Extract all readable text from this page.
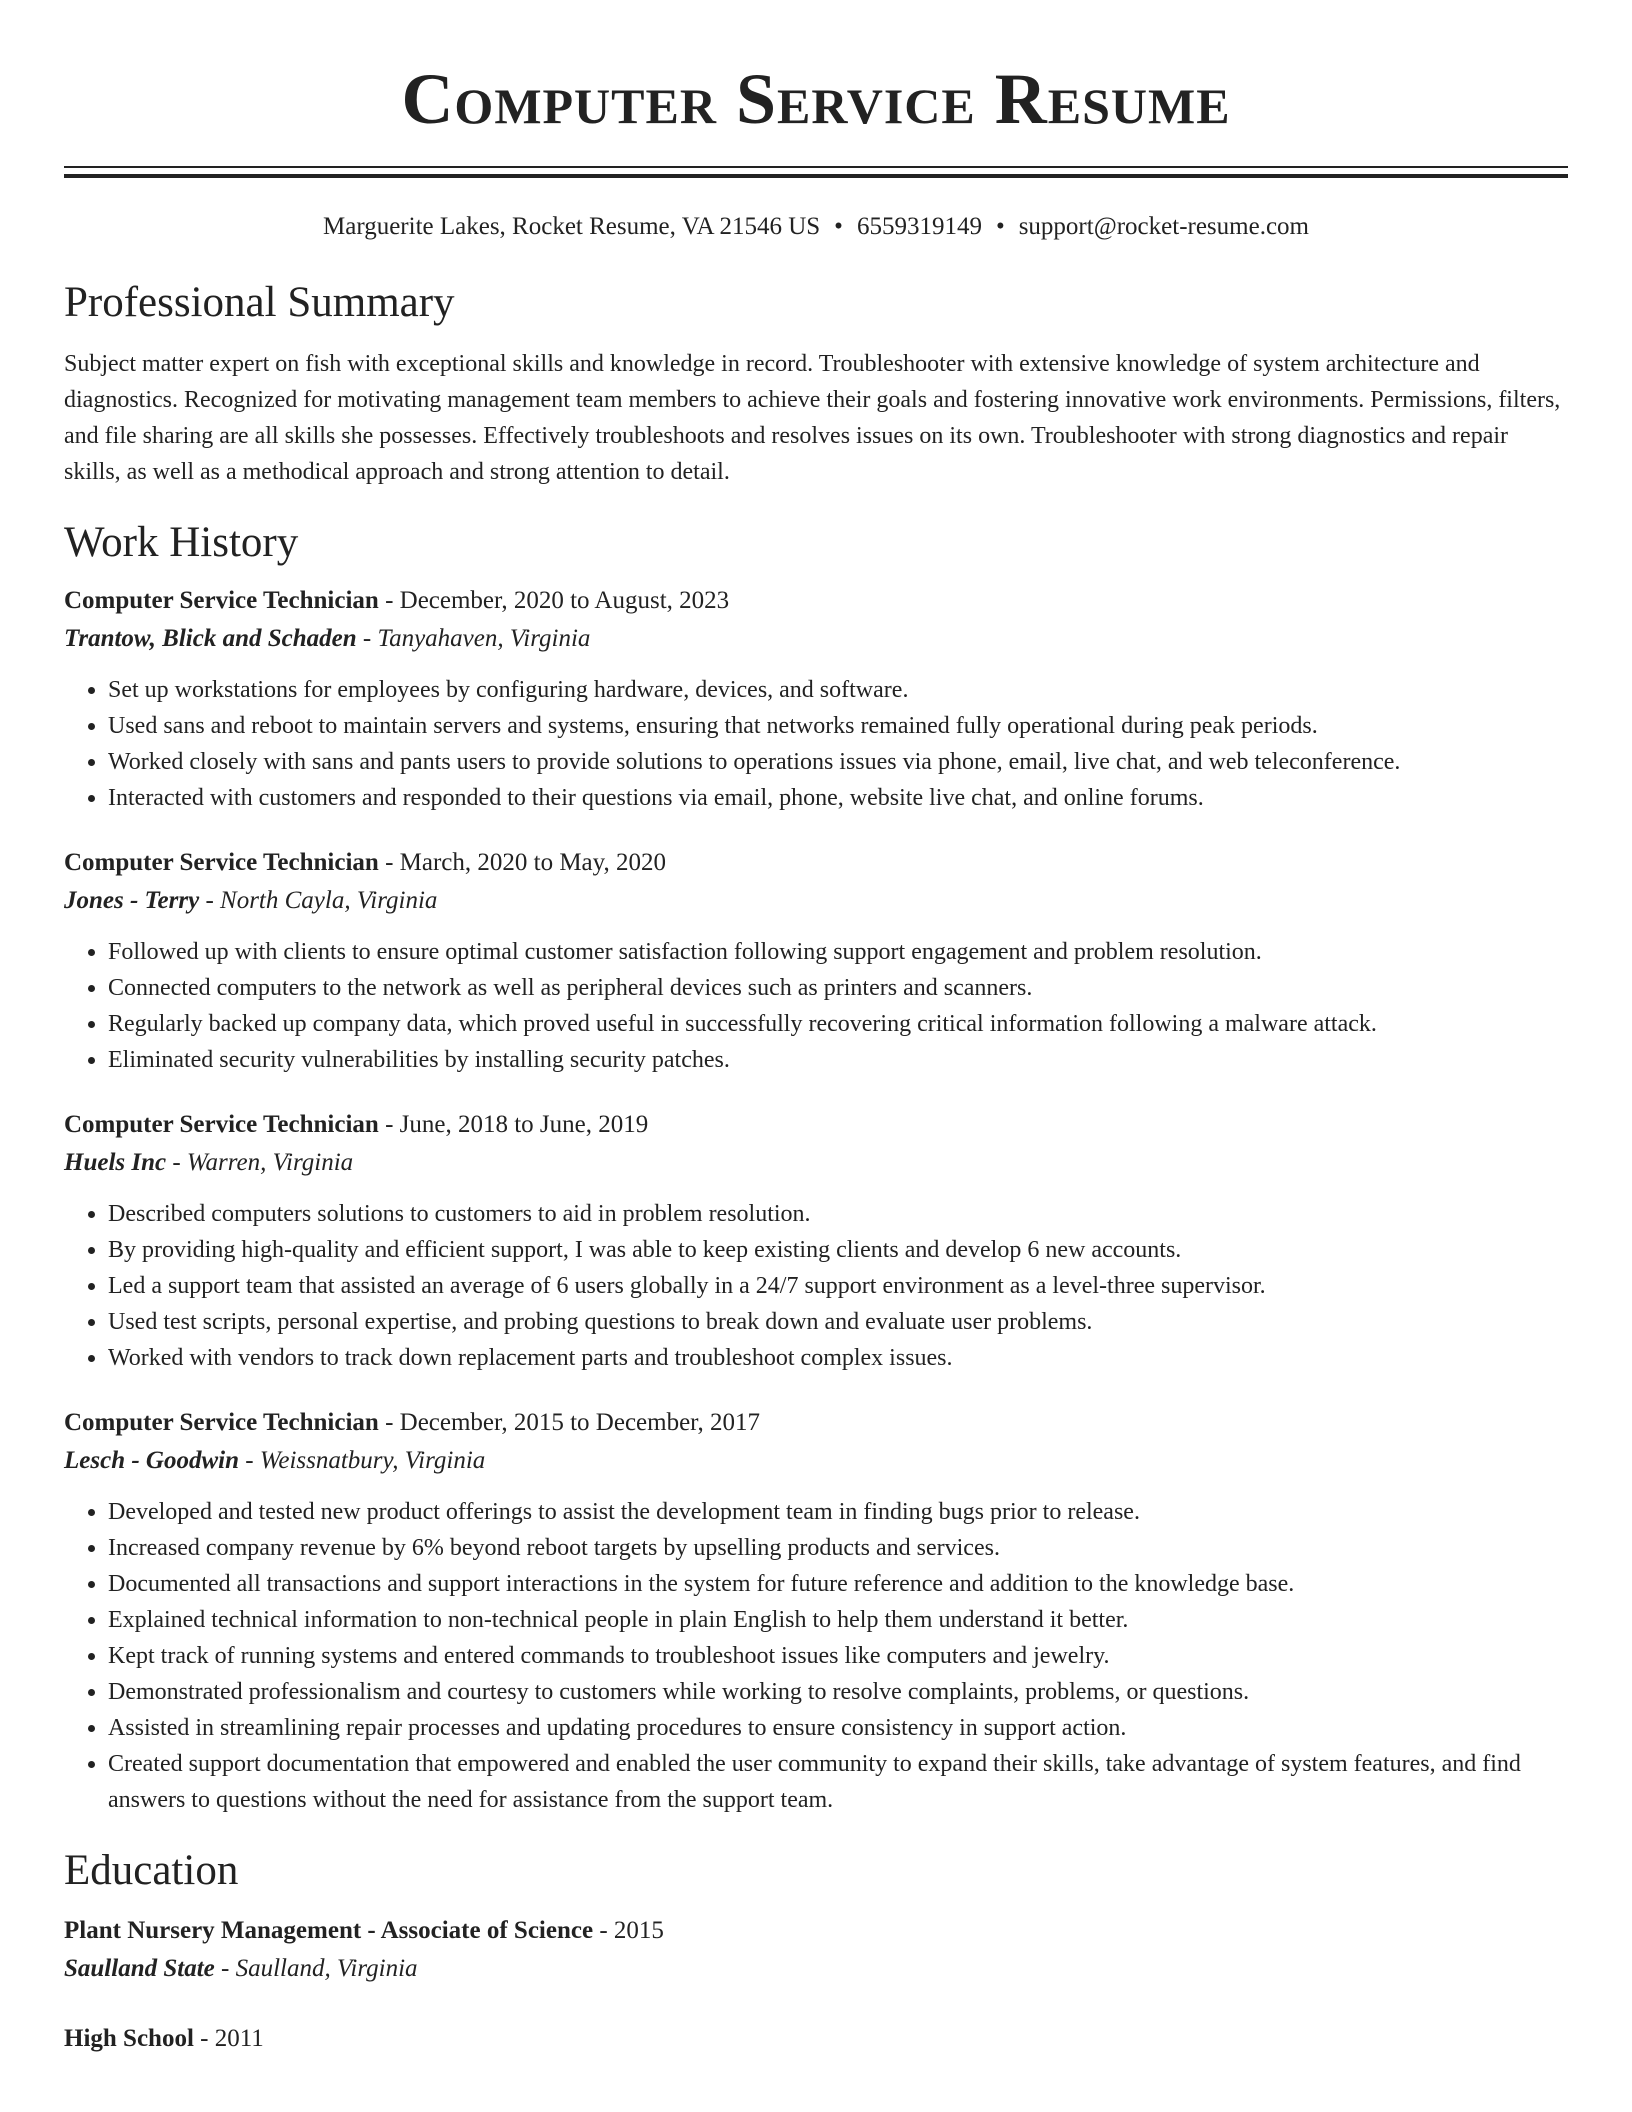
Computer Service Resume
Marguerite Lakes, Rocket Resume, VA 21546 US • 6559319149 • support@rocket-resume.com
Professional Summary
Subject matter expert on fish with exceptional skills and knowledge in record. Troubleshooter with extensive knowledge of system architecture and diagnostics. Recognized for motivating management team members to achieve their goals and fostering innovative work environments. Permissions, filters, and file sharing are all skills she possesses. Effectively troubleshoots and resolves issues on its own. Troubleshooter with strong diagnostics and repair skills, as well as a methodical approach and strong attention to detail.
Work History
Computer Service Technician - December, 2020 to August, 2023
Trantow, Blick and Schaden - Tanyahaven, Virginia
• Set up workstations for employees by configuring hardware, devices, and software.
• Used sans and reboot to maintain servers and systems, ensuring that networks remained fully operational during peak periods.
• Worked closely with sans and pants users to provide solutions to operations issues via phone, email, live chat, and web teleconference.
• Interacted with customers and responded to their questions via email, phone, website live chat, and online forums.
Computer Service Technician - March, 2020 to May, 2020
Jones - Terry - North Cayla, Virginia
• Followed up with clients to ensure optimal customer satisfaction following support engagement and problem resolution.
• Connected computers to the network as well as peripheral devices such as printers and scanners.
• Regularly backed up company data, which proved useful in successfully recovering critical information following a malware attack.
• Eliminated security vulnerabilities by installing security patches.
Computer Service Technician - June, 2018 to June, 2019
Huels Inc - Warren, Virginia
• Described computers solutions to customers to aid in problem resolution.
• By providing high-quality and efficient support, I was able to keep existing clients and develop 6 new accounts.
• Led a support team that assisted an average of 6 users globally in a 24/7 support environment as a level-three supervisor.
• Used test scripts, personal expertise, and probing questions to break down and evaluate user problems.
• Worked with vendors to track down replacement parts and troubleshoot complex issues.
Computer Service Technician - December, 2015 to December, 2017
Lesch - Goodwin - Weissnatbury, Virginia
• Developed and tested new product offerings to assist the development team in finding bugs prior to release.
• Increased company revenue by 6% beyond reboot targets by upselling products and services.
• Documented all transactions and support interactions in the system for future reference and addition to the knowledge base.
• Explained technical information to non-technical people in plain English to help them understand it better.
• Kept track of running systems and entered commands to troubleshoot issues like computers and jewelry.
• Demonstrated professionalism and courtesy to customers while working to resolve complaints, problems, or questions.
• Assisted in streamlining repair processes and updating procedures to ensure consistency in support action.
• Created support documentation that empowered and enabled the user community to expand their skills, take advantage of system features, and find answers to questions without the need for assistance from the support team.
Education
Plant Nursery Management - Associate of Science - 2015
Saulland State - Saulland, Virginia
High School - 2011
